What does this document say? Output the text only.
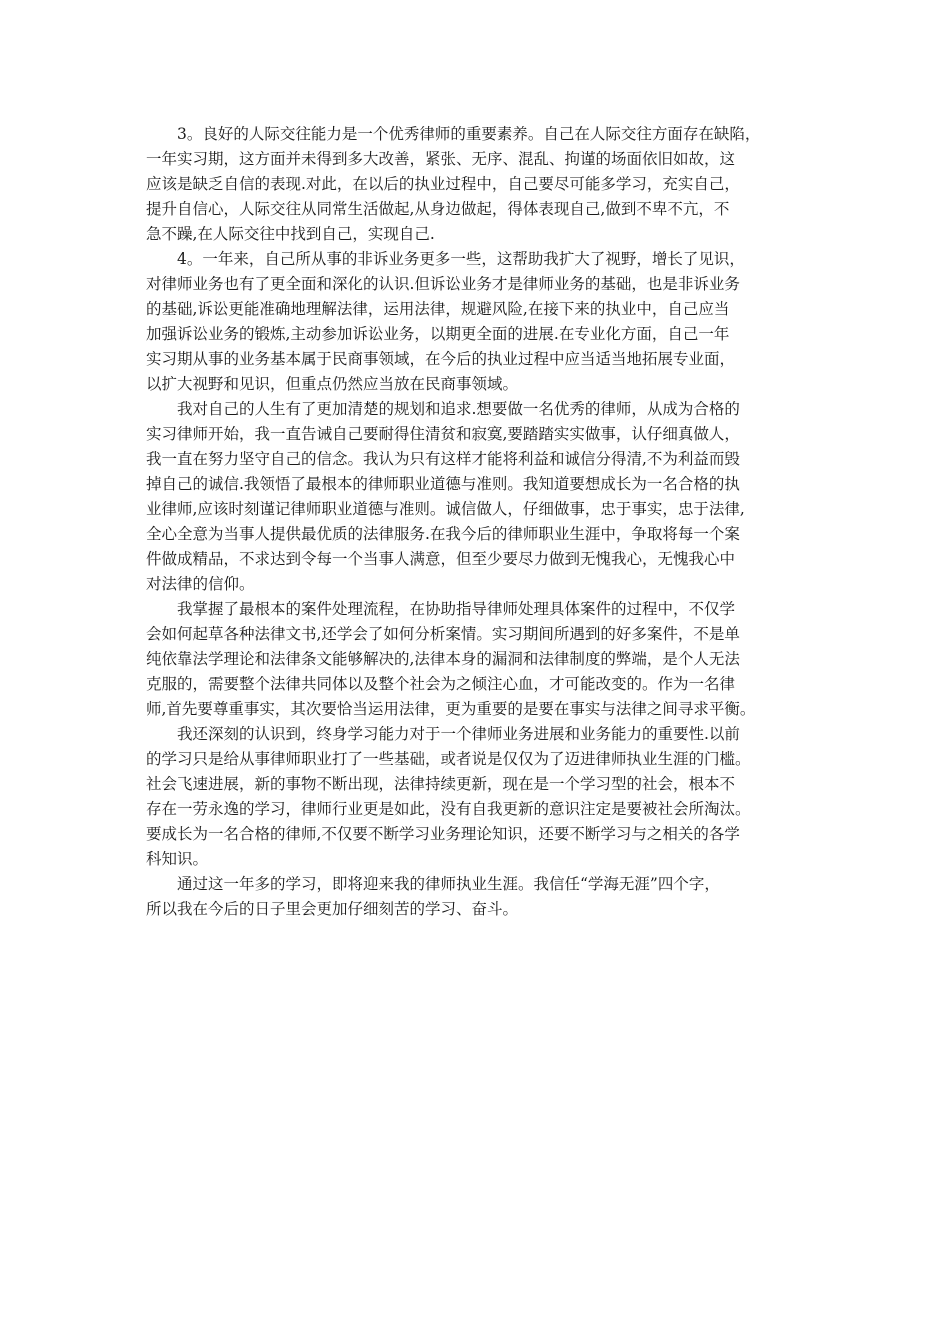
3。良好的人际交往能力是一个优秀律师的重要素养。自己在人际交往方面存在缺陷，
一年实习期，这方面并未得到多大改善，紧张、无序、混乱、拘谨的场面依旧如故，这
应该是缺乏自信的表现.对此，在以后的执业过程中，自己要尽可能多学习，充实自己，
提升自信心，人际交往从同常生活做起,从身边做起，得体表现自己,做到不卑不亢，不
急不躁,在人际交往中找到自己，实现自己.

4。一年来，自己所从事的非诉业务更多一些，这帮助我扩大了视野，增长了见识，
对律师业务也有了更全面和深化的认识.但诉讼业务才是律师业务的基础，也是非诉业务
的基础,诉讼更能准确地理解法律，运用法律，规避风险,在接下来的执业中，自己应当
加强诉讼业务的锻炼,主动参加诉讼业务，以期更全面的进展.在专业化方面，自己一年
实习期从事的业务基本属于民商事领域，在今后的执业过程中应当适当地拓展专业面，
以扩大视野和见识，但重点仍然应当放在民商事领域。

我对自己的人生有了更加清楚的规划和追求.想要做一名优秀的律师，从成为合格的
实习律师开始，我一直告诫自己要耐得住清贫和寂寞,要踏踏实实做事，认仔细真做人，
我一直在努力坚守自己的信念。我认为只有这样才能将利益和诚信分得清,不为利益而毁
掉自己的诚信.我领悟了最根本的律师职业道德与准则。我知道要想成长为一名合格的执
业律师,应该时刻谨记律师职业道德与准则。诚信做人，仔细做事，忠于事实，忠于法律,
全心全意为当事人提供最优质的法律服务.在我今后的律师职业生涯中，争取将每一个案
件做成精品，不求达到令每一个当事人满意，但至少要尽力做到无愧我心，无愧我心中
对法律的信仰。

我掌握了最根本的案件处理流程，在协助指导律师处理具体案件的过程中，不仅学
会如何起草各种法律文书,还学会了如何分析案情。实习期间所遇到的好多案件，不是单
纯依靠法学理论和法律条文能够解决的,法律本身的漏洞和法律制度的弊端，是个人无法
克服的，需要整个法律共同体以及整个社会为之倾注心血，才可能改变的。作为一名律
师,首先要尊重事实，其次要恰当运用法律，更为重要的是要在事实与法律之间寻求平衡。

我还深刻的认识到，终身学习能力对于一个律师业务进展和业务能力的重要性.以前
的学习只是给从事律师职业打了一些基础，或者说是仅仅为了迈进律师执业生涯的门槛。
社会飞速进展，新的事物不断出现，法律持续更新，现在是一个学习型的社会，根本不
存在一劳永逸的学习，律师行业更是如此，没有自我更新的意识注定是要被社会所淘汰。
要成长为一名合格的律师,不仅要不断学习业务理论知识，还要不断学习与之相关的各学
科知识。

通过这一年多的学习，即将迎来我的律师执业生涯。我信任“学海无涯”四个字，
所以我在今后的日子里会更加仔细刻苦的学习、奋斗。
